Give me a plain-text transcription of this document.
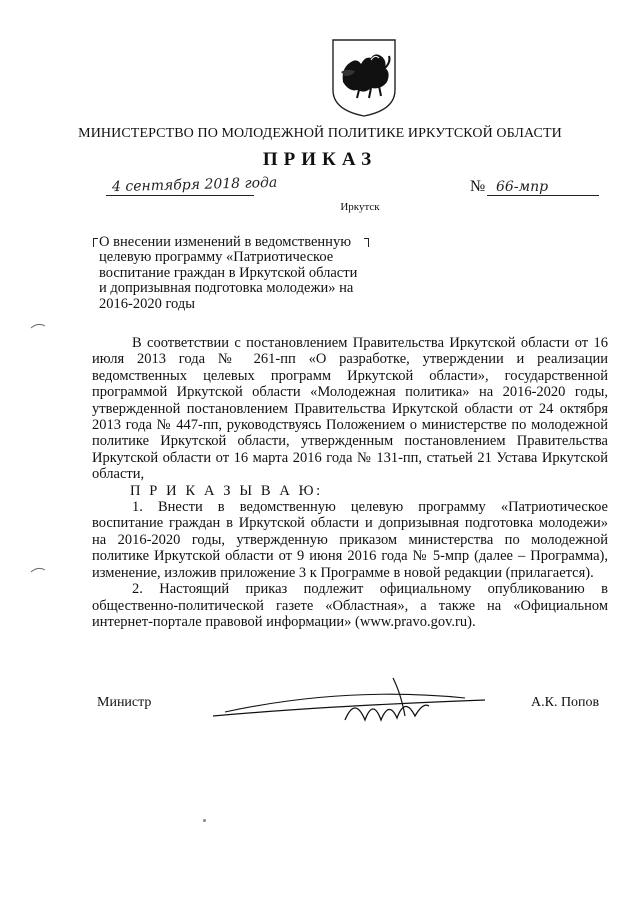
МИНИСТЕРСТВО ПО МОЛОДЕЖНОЙ ПОЛИТИКЕ ИРКУТСКОЙ ОБЛАСТИ
ПРИКАЗ
4 сентября 2018 года	№ 66-мпр
Иркутск
О внесении изменений в ведомственную целевую программу «Патриотическое воспитание граждан в Иркутской области и допризывная подготовка молодежи» на 2016-2020 годы

В соответствии с постановлением Правительства Иркутской области от 16 июля 2013 года № 261-пп «О разработке, утверждении и реализации ведомственных целевых программ Иркутской области», государственной программой Иркутской области «Молодежная политика» на 2016-2020 годы, утвержденной постановлением Правительства Иркутской области от 24 октября 2013 года № 447-пп, руководствуясь Положением о министерстве по молодежной политике Иркутской области, утвержденным постановлением Правительства Иркутской области от 16 марта 2016 года № 131-пп, статьей 21 Устава Иркутской области,

П Р И К А З Ы В А Ю:

1. Внести в ведомственную целевую программу «Патриотическое воспитание граждан в Иркутской области и допризывная подготовка молодежи» на 2016-2020 годы, утвержденную приказом министерства по молодежной политике Иркутской области от 9 июня 2016 года № 5-мпр (далее – Программа), изменение, изложив приложение 3 к Программе в новой редакции (прилагается).

2. Настоящий приказ подлежит официальному опубликованию в общественно-политической газете «Областная», а также на «Официальном интернет-портале правовой информации» (www.pravo.gov.ru).

Министр	А.К. Попов
